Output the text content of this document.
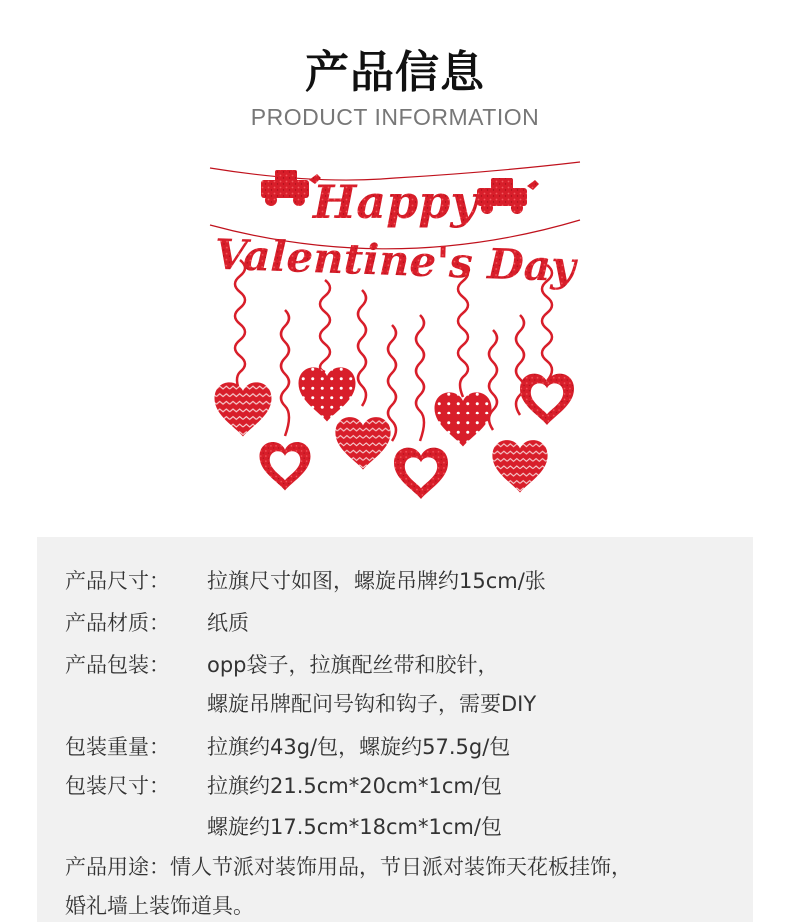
产品信息
PRODUCT INFORMATION
Happy
Valentine's Day
产品尺寸： 拉旗尺寸如图，螺旋吊牌约15cm/张
产品材质： 纸质
产品包装： opp袋子，拉旗配丝带和胶针，
螺旋吊牌配问号钩和钩子，需要DIY
包装重量： 拉旗约43g/包，螺旋约57.5g/包
包装尺寸： 拉旗约21.5cm*20cm*1cm/包
螺旋约17.5cm*18cm*1cm/包
产品用途：情人节派对装饰用品，节日派对装饰天花板挂饰，
婚礼墙上装饰道具。
